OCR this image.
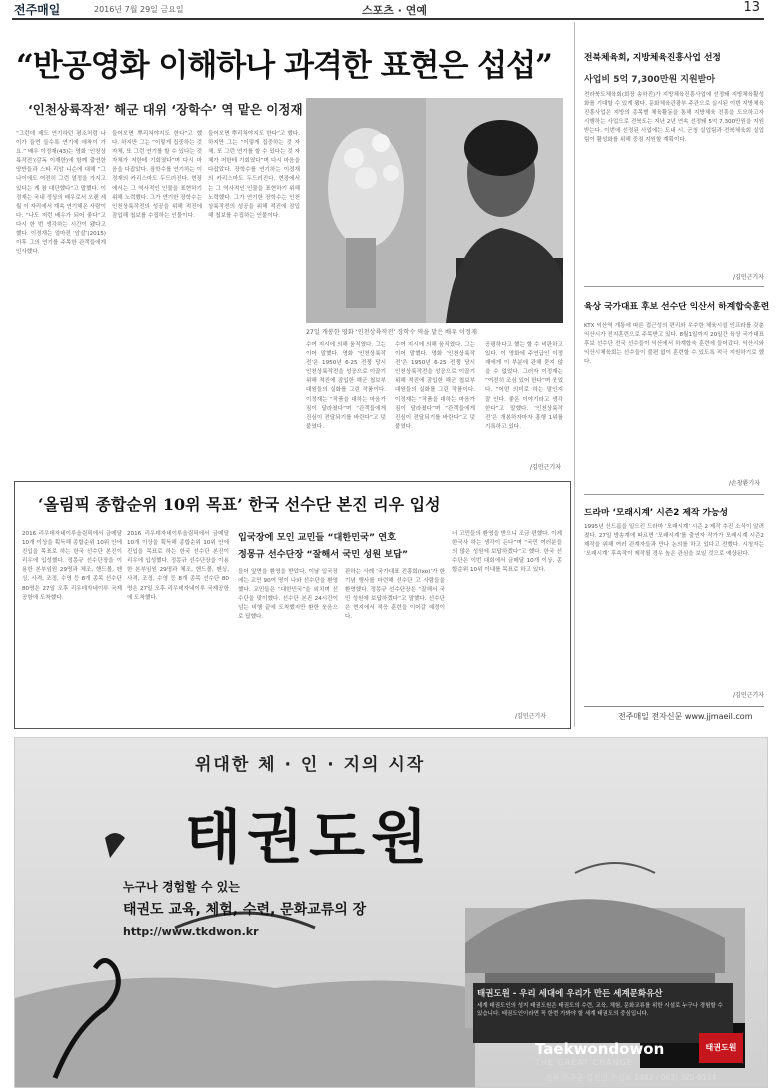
전주매일	2016년 7월 29일 금요일	스포츠 · 연예	13
“반공영화 이해하나 과격한 표현은 섭섭”
‘인천상륙작전’ 해군 대위 ‘장학수’ 역 맡은 이정재

“그런데 제도 연기하던 평소처럼 나이가 들면 들수록 연기에 애착이 가요.” 배우 이정재(43)는 영화 ‘인천상륙작전’(감독 이재한)에 함께 출연한 양반들과 스타 리암 니슨에 대해 “그 나이에도 여전히 그런 열정을 가지고 있다는 게 참 대단했다”고 말했다. 이정재는 국내 정상의 배우로서 오랜 세월 이 자리에서 계속 연기해온 사람이다. “나도 저런 배우가 되어 좋다”고 다시 한 번 생각하는 시간이 됐다고 했다. 이정재는 얼마전 ‘암살’(2015) 이후 그의 연기를 주목한 관객들에게 인사했다.

들어오면 뿌리쳐야지도 한다”고 했다. 하지만 그는 “이렇게 집중하는 것 자체, 또 그런 연기를 할 수 있다는 것 자체가 저한테 기회였다”며 다시 마음을 다잡았다. 장학수를 연기하는 이정재의 카리스마도 두드러진다. 현장에서는 그 역사적인 인물을 표현하기 위해 노력했다. 그가 연기한 장학수는 인천상륙작전의 성공을 위해 적진에 잠입해 첩보를 수집하는 인물이다.

들어오면 뿌리쳐야지도 한다”고 했다. 하지만 그는 “이렇게 집중하는 것 자체, 또 그런 연기를 할 수 있다는 것 자체가 저한테 기회였다”며 다시 마음을 다잡았다. 장학수를 연기하는 이정재의 카리스마도 두드러진다. 현장에서는 그 역사적인 인물을 표현하기 위해 노력했다. 그가 연기한 장학수는 인천상륙작전의 성공을 위해 적진에 잠입해 첩보를 수집하는 인물이다.

27일 개봉한 영화 ‘인천상륙작전’ 장학수 역을 맡은 배우 이정재

수여 지시에 의해 움직였다. 그는 이어 말했다. 영화 ‘인천상륙작전’은 1950년 6·25 전쟁 당시 인천상륙작전을 성공으로 이끌기 위해 적진에 잠입한 해군 첩보부대원들의 실화를 그린 작품이다. 이정재는 “작품을 대하는 마음가짐이 달라졌다”며 “관객들에게 진심이 전달되기를 바란다”고 덧붙였다.

수여 지시에 의해 움직였다. 그는 이어 말했다. 영화 ‘인천상륙작전’은 1950년 6·25 전쟁 당시 인천상륙작전을 성공으로 이끌기 위해 적진에 잠입한 해군 첩보부대원들의 실화를 그린 작품이다. 이정재는 “작품을 대하는 마음가짐이 달라졌다”며 “관객들에게 진심이 전달되기를 바란다”고 덧붙였다.

공평하다고 했는 할 수 비판하고 있다. 이 영화에 주연급인 이정재에게 이 부분에 관해 묻지 않을 수 없었다. 그러자 이정재는 “여전히 조심 있어 한다”며 웃었다. “어떤 의미로 하는 말인지 잘 안다. 좋은 이야기라고 생각한다”고 말했다. ‘인천상륙작전’은 개봉하자마자 흥행 1위를 기록하고 있다.

/김민근기자
전북체육회, 지방체육진흥사업 선정
사업비 5억 7,300만원 지원받아

전라북도체육회(회장 송하진)가 지방체육진흥사업에 선정돼 지방체육활성화를 기대할 수 있게 됐다. 문화체육관광부 주관으로 실시된 이번 지방체육진흥사업은 지방의 종목별 체육활동을 통해 지방체육 진흥을 도모하고자 시행하는 사업으로 전북도는 지난 2년 연속 선정돼 5억 7,300만원을 지원받는다. 이번에 선정된 사업에는 도내 시, 군청 실업팀과 전북체육회 실업팀이 활성화를 위해 중점 지원할 계획이다.

/김민근기자
육상 국가대표 후보 선수단 익산서 하계합숙훈련

KTX 익산역 개통에 따른 접근성의 편리와 우수한 체육시설 인프라를 갖춘 익산시가 전지훈련으로 주목받고 있다. 8월1일까지 20일간 육상 국가대표 후보 선수단 전국 선수들이 익산에서 하계합숙 훈련에 들어갔다. 익산시와 익산시체육회는 선수들이 불편 없이 훈련할 수 있도록 적극 지원하기로 했다.

/손창환기자
드라마 ‘모래시계’ 시즌2 제작 가능성

1995년 신드롬을 일으킨 드라마 ‘모래시계’ 시즌 2 제작 추진 소식이 알려졌다. 27일 방송계에 따르면 ‘모래시계’를 출연자 작가가 모래시계 시즌2 제작을 위해 여러 관계자들과 만나 논의를 하고 있다고 전했다. 시청자는 ‘모래시계’ 후속작이 제작될 경우 높은 관심을 보일 것으로 예상된다.

/김민근기자
전주매일 전자신문 www.jjmaeil.com
‘올림픽 종합순위 10위 목표’ 한국 선수단 본진 리우 입성
입국장에 모인 교민들 “대한민국” 연호
정몽규 선수단장 “잘해서 국민 성원 보답”

2016 리우데자네이루올림픽에서 금메달 10개 이상을 획득해 종합순위 10위 안에 진입을 목표로 하는 한국 선수단 본진이 리우에 입성했다. 정몽규 선수단장을 이용한 본부임원 29명과 체조, 핸드볼, 펜싱, 사격, 조정, 수영 등 8개 종목 선수단 80명은 27일 오후 리우데자네이루 국제공항에 도착했다.

2016 리우데자네이루올림픽에서 금메달 10개 이상을 획득해 종합순위 10위 안에 진입을 목표로 하는 한국 선수단 본진이 리우에 입성했다. 정몽규 선수단장을 이용한 본부임원 29명과 체조, 핸드볼, 펜싱, 사격, 조정, 수영 등 8개 종목 선수단 80명은 27일 오후 리우데자네이루 국제공항에 도착했다.

들어 앞면을 환영을 받았다. 이날 입국장에는 교민 90여 명이 나와 선수단을 환영했다. 교민들은 “대한민국”을 외치며 선수단을 맞이했다. 선수단 본진 24시간이 넘는 비행 끝에 도착했지만 환한 웃음으로 답했다.

판하는 사례 ‘국가대표 진흥회(Ixo)’가 한 기념 행사를 마련해 선수단 고 사람들을 환영했다. 정몽규 선수단장은 “잘해서 국민 성원에 보답하겠다”고 말했다. 선수단은 현지에서 적응 훈련을 이어갈 예정이다.

너 고민들의 환영을 받으니 조금 편했다. 이제 한국사 하는 생각이 든다”며 “국민 여러분들의 많은 성원에 보답하겠다”고 했다. 한국 선수단은 이번 대회에서 금메달 10개 이상, 종합순위 10위 이내를 목표로 하고 있다.

/김민근기자
위대한 체 · 인 · 지의 시작
태권도원
누구나 경험할 수 있는
태권도 교육, 체험, 수련, 문화교류의 장
http://www.tkdwon.kr
태권도원 - 우리 세대에 우리가 만든 세계문화유산
세계 태권도인의 성지 태권도원은 태권도의 수련, 교육, 체험, 문화교류를 위한 시설로 누구나 경험할 수 있습니다. 태권도인이라면 꼭 한번 가봐야 할 세계 태권도의 중심입니다.
Taekwondowon
THE GREAT CHANGE
태권도원
전북 무주군 설천면 무설로 1482 / 063) 320-0114
